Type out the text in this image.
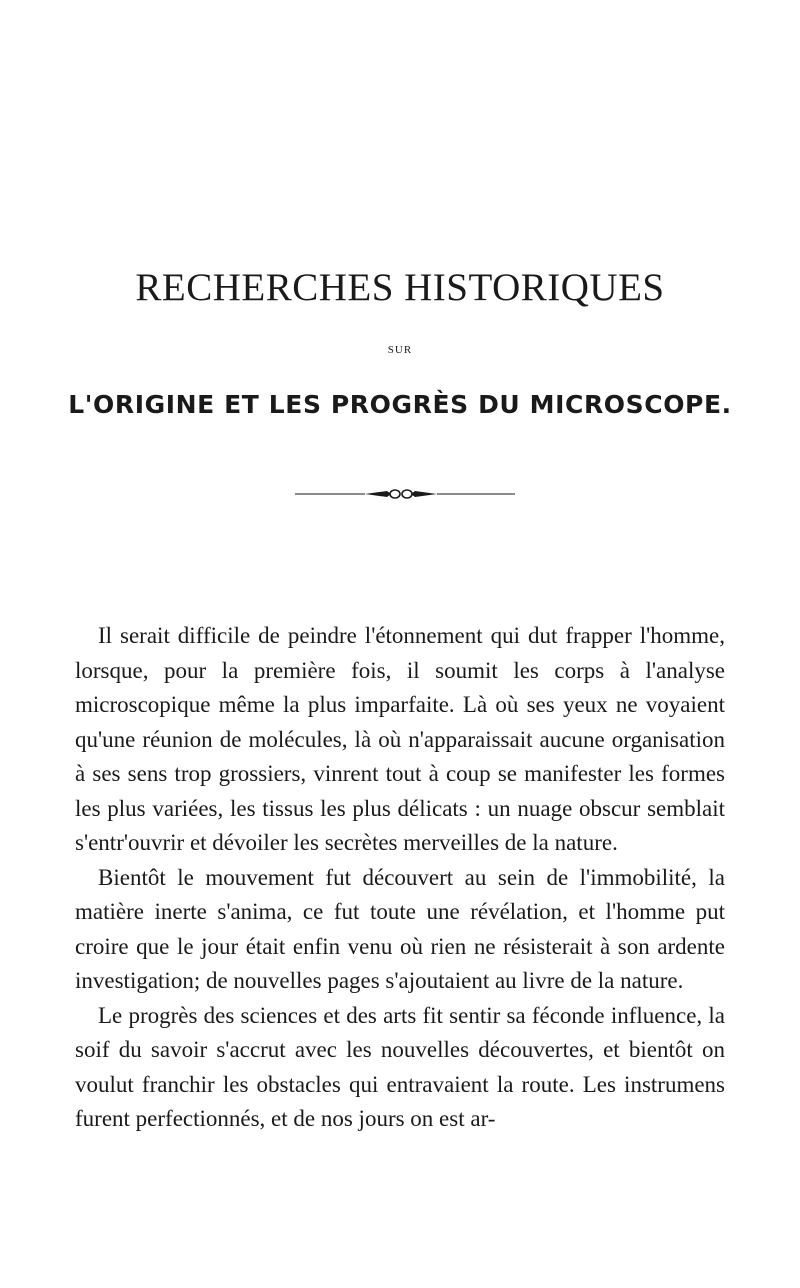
RECHERCHES HISTORIQUES
SUR
L'ORIGINE ET LES PROGRÈS DU MICROSCOPE.

Il serait difficile de peindre l'étonnement qui dut frapper l'homme, lorsque, pour la première fois, il soumit les corps à l'analyse microscopique même la plus imparfaite. Là où ses yeux ne voyaient qu'une réunion de molécules, là où n'apparaissait aucune organisation à ses sens trop grossiers, vinrent tout à coup se manifester les formes les plus variées, les tissus les plus délicats : un nuage obscur semblait s'entr'ouvrir et dévoiler les secrètes merveilles de la nature.

Bientôt le mouvement fut découvert au sein de l'immobilité, la matière inerte s'anima, ce fut toute une révélation, et l'homme put croire que le jour était enfin venu où rien ne résisterait à son ardente investigation; de nouvelles pages s'ajoutaient au livre de la nature.

Le progrès des sciences et des arts fit sentir sa féconde influence, la soif du savoir s'accrut avec les nouvelles découvertes, et bientôt on voulut franchir les obstacles qui entravaient la route. Les instrumens furent perfectionnés, et de nos jours on est ar-
